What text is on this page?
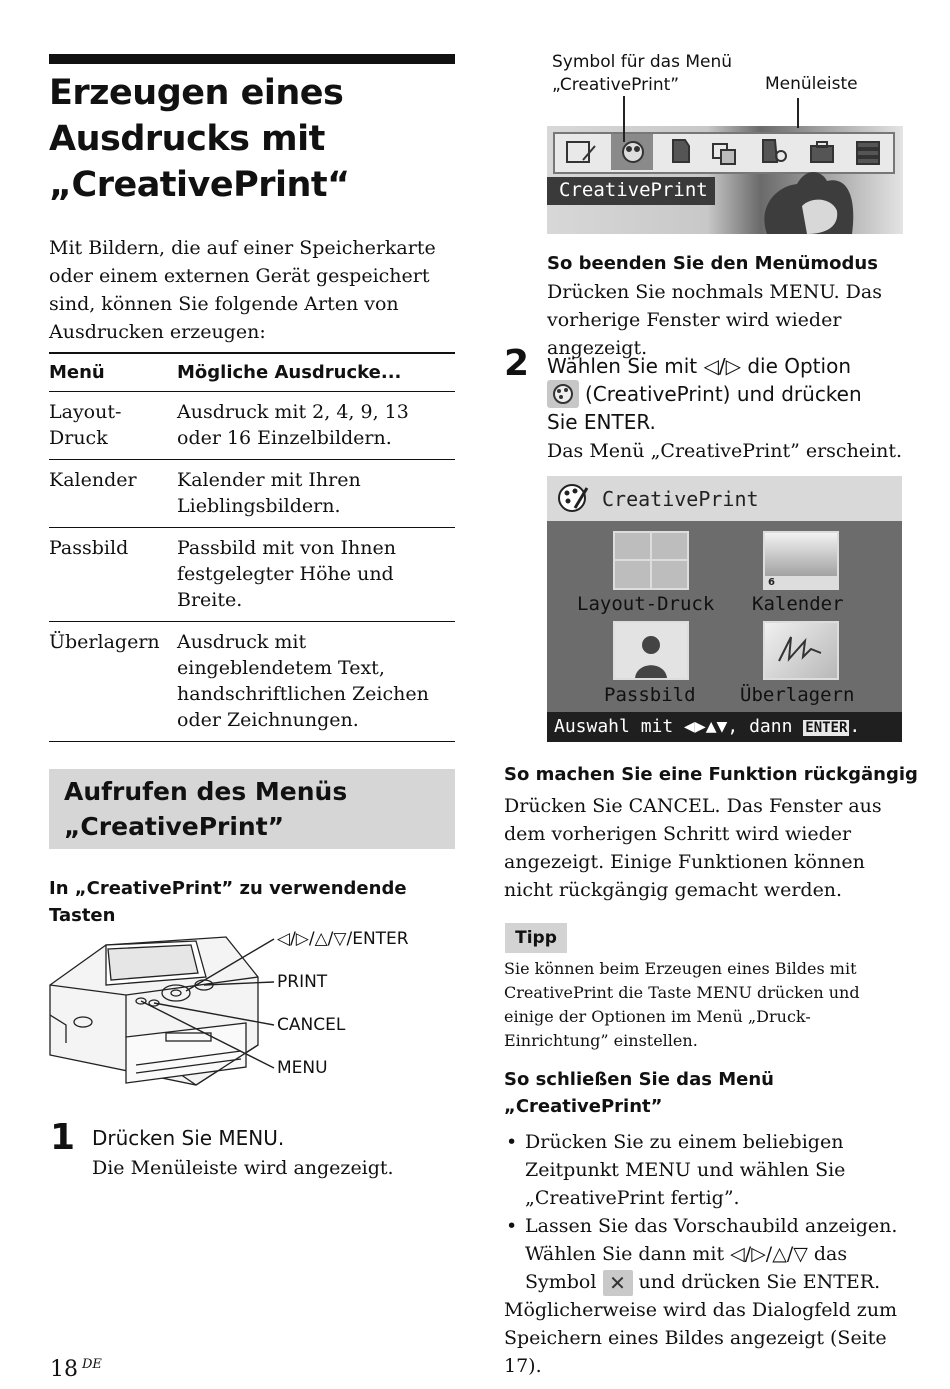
Erzeugen eines
Ausdrucks mit
„CreativePrint“
Mit Bildern, die auf einer Speicherkarte oder einem externen Gerät gespeichert sind, können Sie folgende Arten von Ausdrucken erzeugen:
Menü	Mögliche Ausdrucke...
Layout-
Druck	Ausdruck mit 2, 4, 9, 13 oder 16 Einzelbildern.
Kalender	Kalender mit Ihren Lieblingsbildern.
Passbild	Passbild mit von Ihnen festgelegter Höhe und Breite.
Überlagern	Ausdruck mit eingeblendetem Text, handschriftlichen Zeichen oder Zeichnungen.
Aufrufen des Menüs
„CreativePrint”
In „CreativePrint” zu verwendende Tasten
◁/▷/△/▽/ENTER
PRINT
CANCEL
MENU
1 Drücken Sie MENU.
Die Menüleiste wird angezeigt.
18 $^{DE}$
Symbol für das Menü
„CreativePrint”	Menüleiste
CreativePrint
So beenden Sie den Menümodus
Drücken Sie nochmals MENU. Das vorherige Fenster wird wieder angezeigt.
2 Wählen Sie mit ◁/▷ die Option
(CreativePrint) und drücken
Sie ENTER.
Das Menü „CreativePrint” erscheint.
CreativePrint
6
Layout-Druck Kalender
Passbild Überlagern
Auswahl mit ◀▶▲▼, dann ENTER .
So machen Sie eine Funktion rückgängig
Drücken Sie CANCEL. Das Fenster aus dem vorherigen Schritt wird wieder angezeigt. Einige Funktionen können nicht rückgängig gemacht werden.
Tipp
Sie können beim Erzeugen eines Bildes mit CreativePrint die Taste MENU drücken und einige der Optionen im Menü „Druck-Einrichtung” einstellen.
So schließen Sie das Menü
„CreativePrint”
• Drücken Sie zu einem beliebigen Zeitpunkt MENU und wählen Sie „CreativePrint fertig”.
• Lassen Sie das Vorschaubild anzeigen. Wählen Sie dann mit ◁/▷/△/▽ das Symbol ✕ und drücken Sie ENTER.
Möglicherweise wird das Dialogfeld zum Speichern eines Bildes angezeigt (Seite 17).
